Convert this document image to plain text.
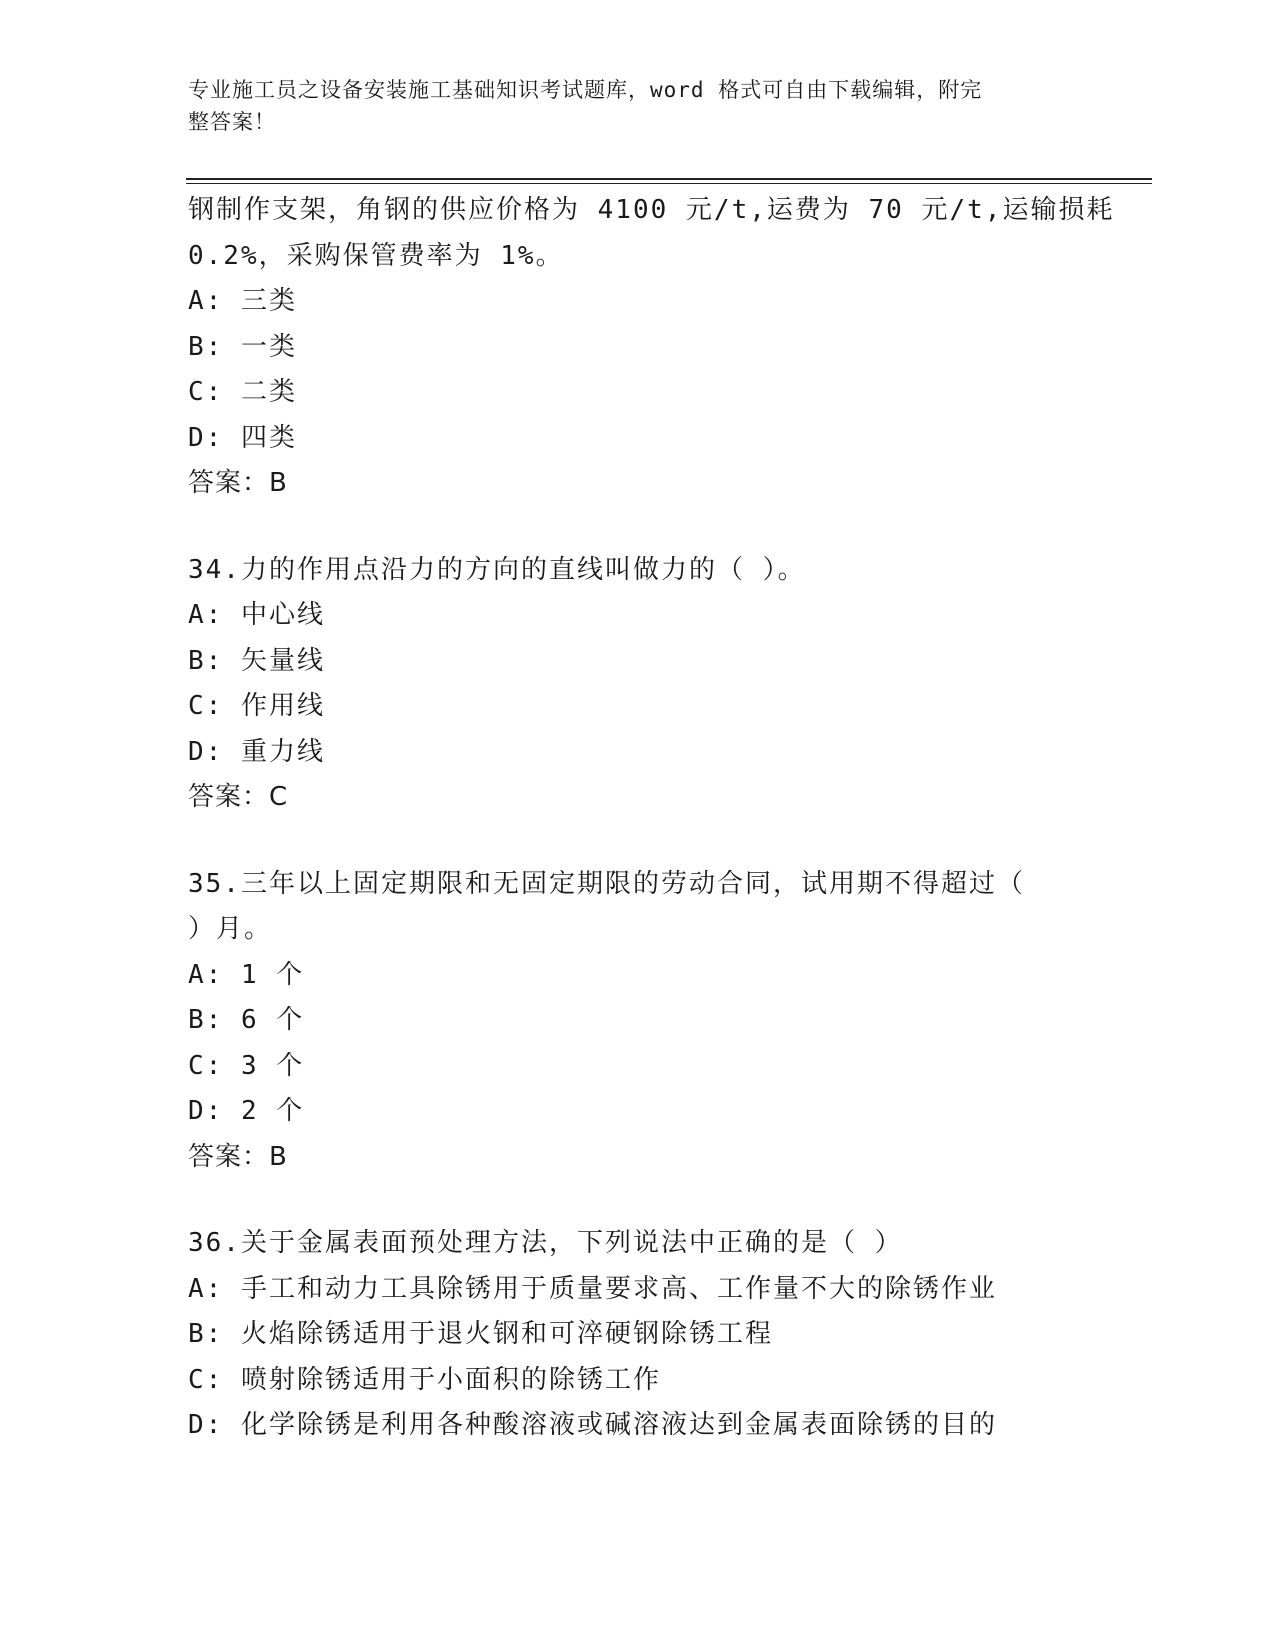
专业施工员之设备安装施工基础知识考试题库，word 格式可自由下载编辑，附完
整答案！
钢制作支架，角钢的供应价格为 4100 元/t,运费为 70 元/t,运输损耗
0.2%，采购保管费率为 1%。
A: 三类
B: 一类
C: 二类
D: 四类
答案：B
34.力的作用点沿力的方向的直线叫做力的（ ）。
A: 中心线
B: 矢量线
C: 作用线
D: 重力线
答案：C
35.三年以上固定期限和无固定期限的劳动合同，试用期不得超过（
）月。
A: 1 个
B: 6 个
C: 3 个
D: 2 个
答案：B
36.关于金属表面预处理方法，下列说法中正确的是（ ）
A: 手工和动力工具除锈用于质量要求高、工作量不大的除锈作业
B: 火焰除锈适用于退火钢和可淬硬钢除锈工程
C: 喷射除锈适用于小面积的除锈工作
D: 化学除锈是利用各种酸溶液或碱溶液达到金属表面除锈的目的
